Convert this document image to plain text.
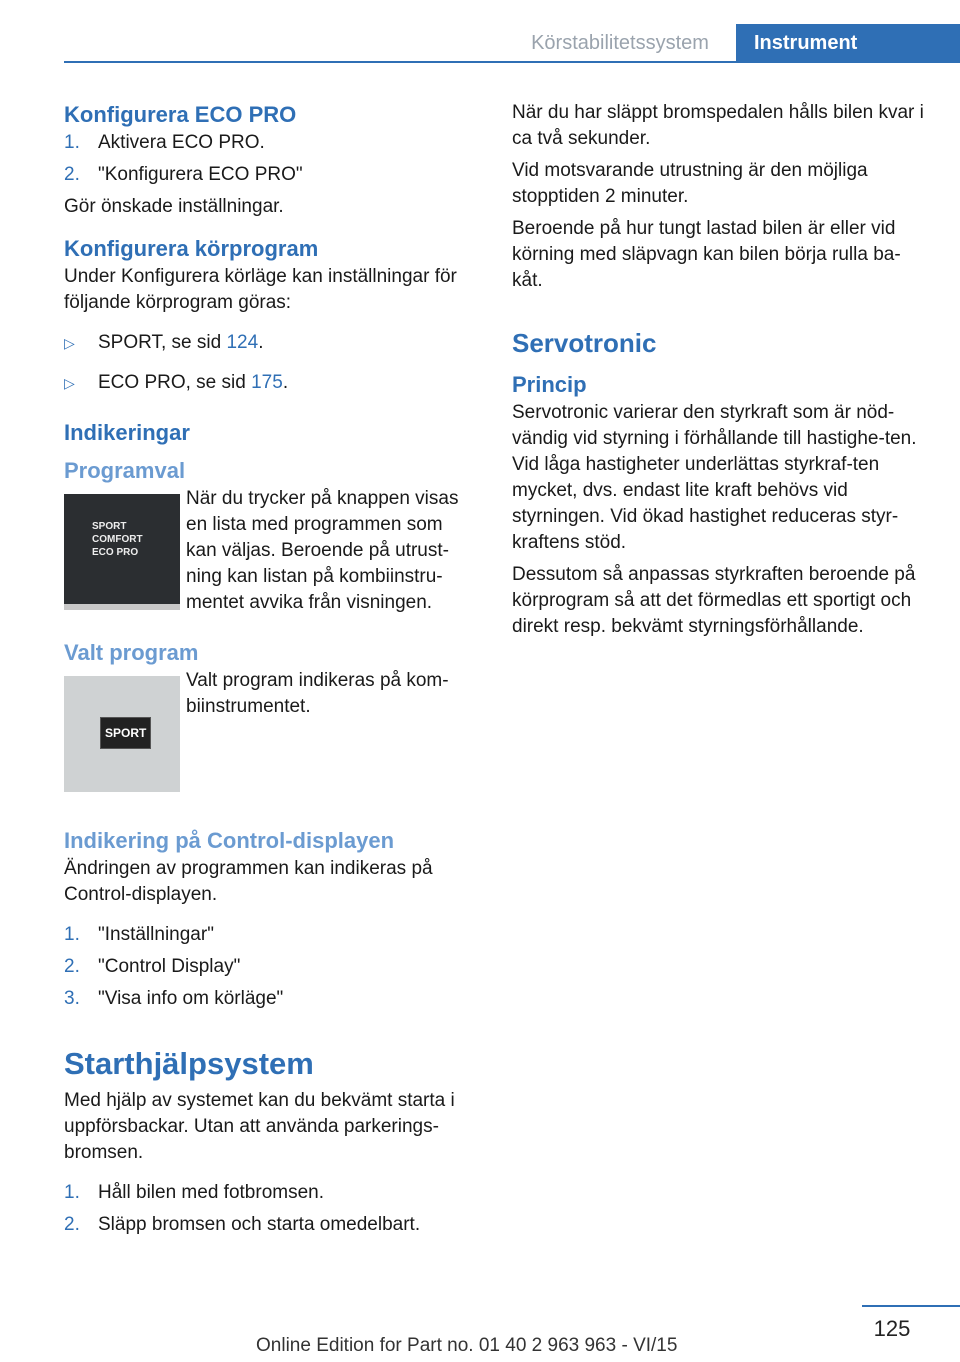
Körstabilitetssystem	Instrument
Konfigurera ECO PRO
1. Aktivera ECO PRO.
2. "Konfigurera ECO PRO"

Gör önskade inställningar.

Konfigurera körprogram

Under Konfigurera körläge kan inställningar för följande körprogram göras:

▷ SPORT, se sid 124.
▷ ECO PRO, se sid 175.
Indikeringar
Programval
SPORT
COMFORT
ECO PRO
När du trycker på knappen visas en lista med programmen som kan väljas. Beroende på utrust‐ning kan listan på kombiinstru‐mentet avvika från visningen.
Valt program
SPORT
Valt program indikeras på kom‐biinstrumentet.
Indikering på Control-displayen

Ändringen av programmen kan indikeras på Control-displayen.

1. "Inställningar"
2. "Control Display"
3. "Visa info om körläge"
Starthjälpsystem

Med hjälp av systemet kan du bekvämt starta i uppförsbackar. Utan att använda parkerings‐bromsen.

1. Håll bilen med fotbromsen.
2. Släpp bromsen och starta omedelbart.

När du har släppt bromspedalen hålls bilen kvar i ca två sekunder.

Vid motsvarande utrustning är den möjliga stopptiden 2 minuter.

Beroende på hur tungt lastad bilen är eller vid körning med släpvagn kan bilen börja rulla ba‐kåt.

Servotronic
Princip

Servotronic varierar den styrkraft som är nöd‐vändig vid styrning i förhållande till hastighe‐ten. Vid låga hastigheter underlättas styrkraf‐ten mycket, dvs. endast lite kraft behövs vid styrningen. Vid ökad hastighet reduceras styr‐kraftens stöd.

Dessutom så anpassas styrkraften beroende på körprogram så att det förmedlas ett sportigt och direkt resp. bekvämt styrningsförhållande.

125
Online Edition for Part no. 01 40 2 963 963 - VI/15
